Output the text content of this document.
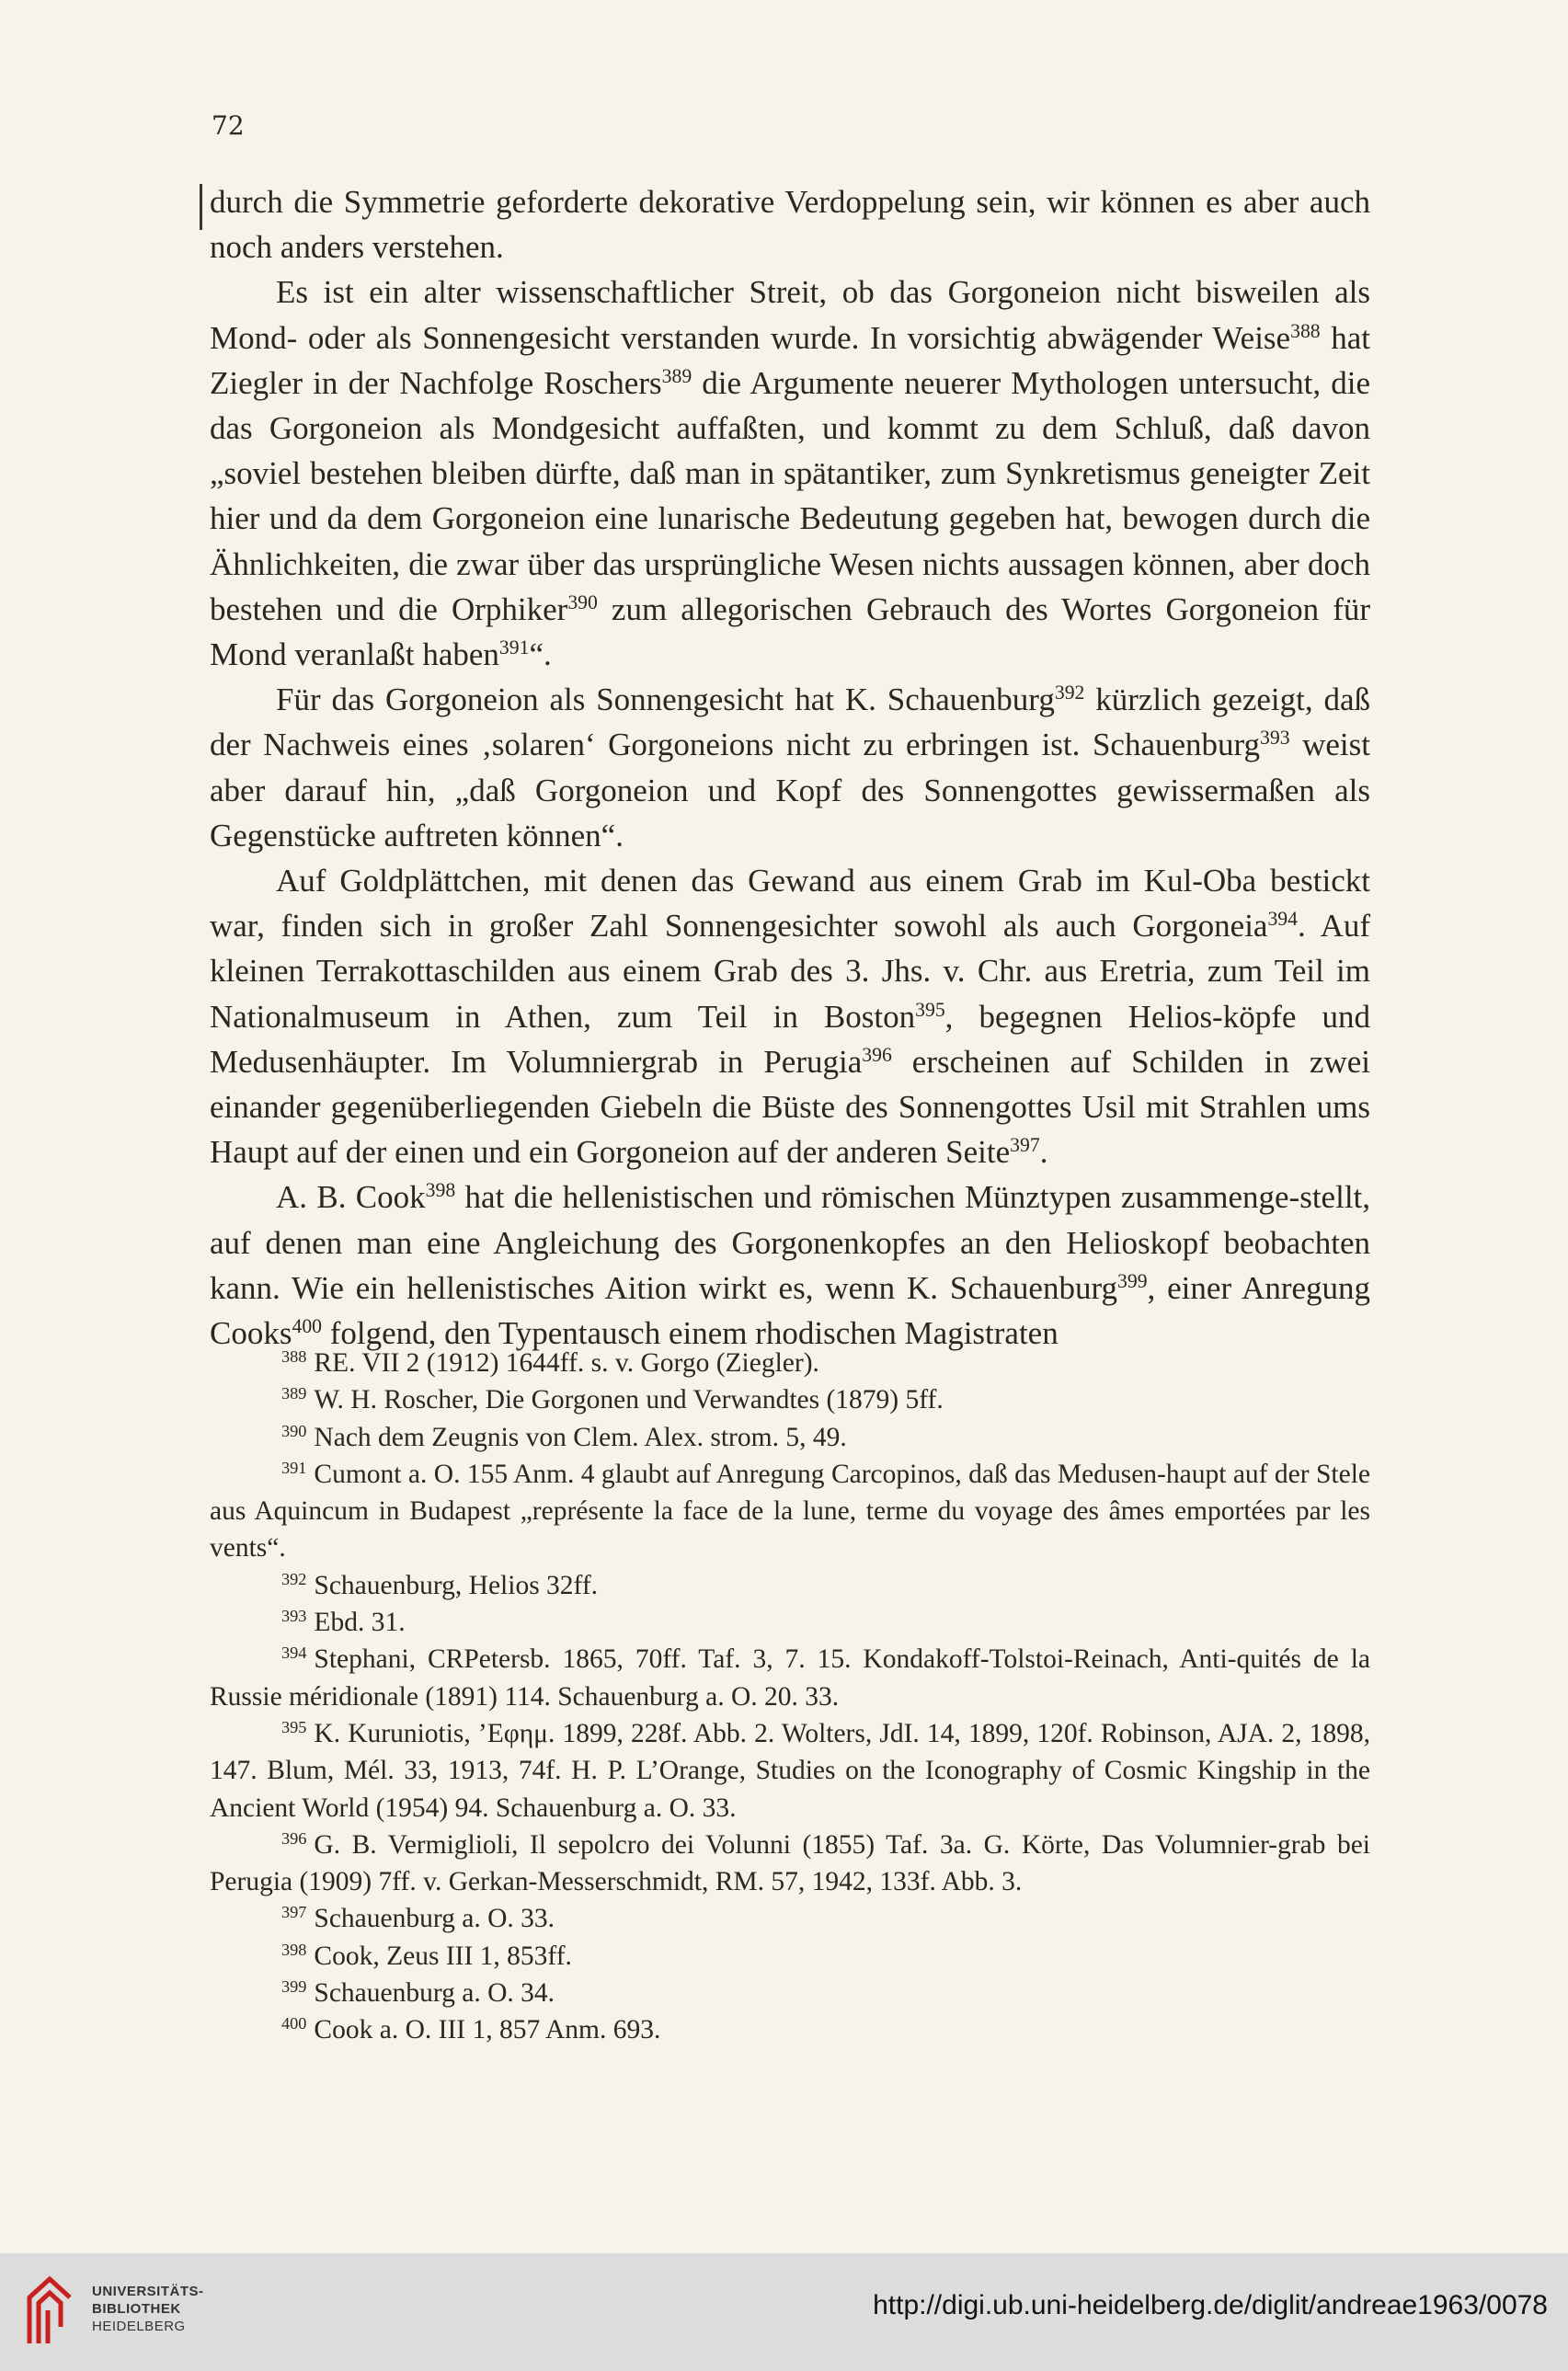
72

durch die Symmetrie geforderte dekorative Verdoppelung sein, wir können es aber auch noch anders verstehen.

Es ist ein alter wissenschaftlicher Streit, ob das Gorgoneion nicht bisweilen als Mond- oder als Sonnengesicht verstanden wurde. In vorsichtig abwägender Weise$^{388}$ hat Ziegler in der Nachfolge Roschers$^{389}$ die Argumente neuerer Mythologen untersucht, die das Gorgoneion als Mondgesicht auffaßten, und kommt zu dem Schluß, daß davon „soviel bestehen bleiben dürfte, daß man in spätantiker, zum Synkretismus geneigter Zeit hier und da dem Gorgoneion eine lunarische Bedeutung gegeben hat, bewogen durch die Ähnlichkeiten, die zwar über das ursprüngliche Wesen nichts aussagen können, aber doch bestehen und die Orphiker$^{390}$ zum allegorischen Gebrauch des Wortes Gorgoneion für Mond veranlaßt haben$^{391}$“.

Für das Gorgoneion als Sonnengesicht hat K. Schauenburg$^{392}$ kürzlich gezeigt, daß der Nachweis eines ‚solaren‘ Gorgoneions nicht zu erbringen ist. Schauenburg$^{393}$ weist aber darauf hin, „daß Gorgoneion und Kopf des Sonnengottes gewissermaßen als Gegenstücke auftreten können“.

Auf Goldplättchen, mit denen das Gewand aus einem Grab im Kul-Oba bestickt war, finden sich in großer Zahl Sonnengesichter sowohl als auch Gorgoneia$^{394}$. Auf kleinen Terrakottaschilden aus einem Grab des 3. Jhs. v. Chr. aus Eretria, zum Teil im Nationalmuseum in Athen, zum Teil in Boston$^{395}$, begegnen Helios-köpfe und Medusenhäupter. Im Volumniergrab in Perugia$^{396}$ erscheinen auf Schilden in zwei einander gegenüberliegenden Giebeln die Büste des Sonnengottes Usil mit Strahlen ums Haupt auf der einen und ein Gorgoneion auf der anderen Seite$^{397}$.

A. B. Cook$^{398}$ hat die hellenistischen und römischen Münztypen zusammenge-stellt, auf denen man eine Angleichung des Gorgonenkopfes an den Helioskopf beobachten kann. Wie ein hellenistisches Aition wirkt es, wenn K. Schauenburg$^{399}$, einer Anregung Cooks$^{400}$ folgend, den Typentausch einem rhodischen Magistraten

$^{388}$ RE. VII 2 (1912) 1644ff. s. v. Gorgo (Ziegler).

$^{389}$ W. H. Roscher, Die Gorgonen und Verwandtes (1879) 5ff.

$^{390}$ Nach dem Zeugnis von Clem. Alex. strom. 5, 49.

$^{391}$ Cumont a. O. 155 Anm. 4 glaubt auf Anregung Carcopinos, daß das Medusen-haupt auf der Stele aus Aquincum in Budapest „représente la face de la lune, terme du voyage des âmes emportées par les vents“.

$^{392}$ Schauenburg, Helios 32ff.

$^{393}$ Ebd. 31.

$^{394}$ Stephani, CRPetersb. 1865, 70ff. Taf. 3, 7. 15. Kondakoff-Tolstoi-Reinach, Anti-quités de la Russie méridionale (1891) 114. Schauenburg a. O. 20. 33.

$^{395}$ K. Kuruniotis, ’Εφημ. 1899, 228f. Abb. 2. Wolters, JdI. 14, 1899, 120f. Robinson, AJA. 2, 1898, 147. Blum, Mél. 33, 1913, 74f. H. P. L’Orange, Studies on the Iconography of Cosmic Kingship in the Ancient World (1954) 94. Schauenburg a. O. 33.

$^{396}$ G. B. Vermiglioli, Il sepolcro dei Volunni (1855) Taf. 3a. G. Körte, Das Volumnier-grab bei Perugia (1909) 7ff. v. Gerkan-Messerschmidt, RM. 57, 1942, 133f. Abb. 3.

$^{397}$ Schauenburg a. O. 33.

$^{398}$ Cook, Zeus III 1, 853ff.

$^{399}$ Schauenburg a. O. 34.

$^{400}$ Cook a. O. III 1, 857 Anm. 693.

UNIVERSITÄTS-
BIBLIOTHEK
HEIDELBERG
http://digi.ub.uni-heidelberg.de/diglit/andreae1963/0078
